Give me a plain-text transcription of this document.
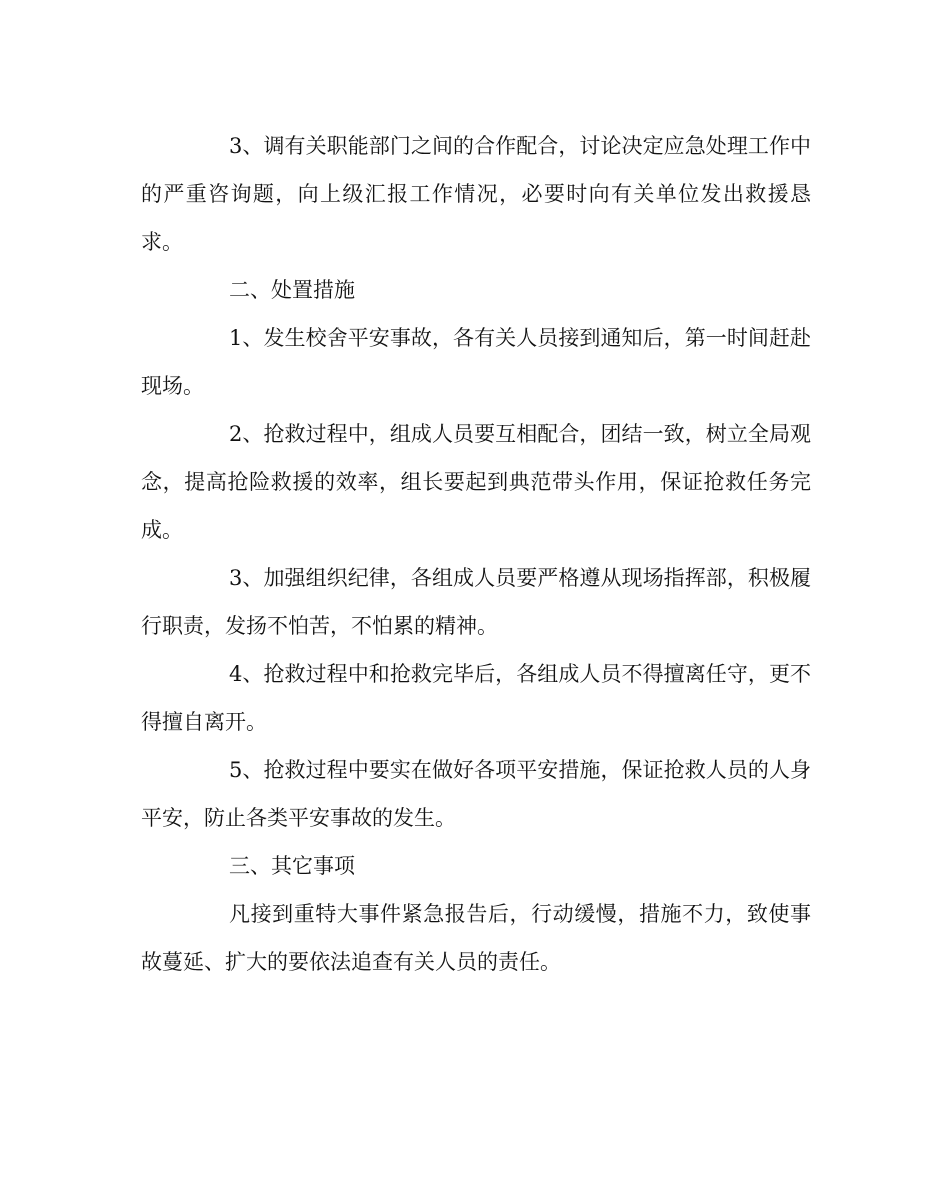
3、调有关职能部门之间的合作配合，讨论决定应急处理工作中的严重咨询题，向上级汇报工作情况，必要时向有关单位发出救援恳求。

二、处置措施

1、发生校舍平安事故，各有关人员接到通知后，第一时间赶赴现场。

2、抢救过程中，组成人员要互相配合，团结一致，树立全局观念，提高抢险救援的效率，组长要起到典范带头作用，保证抢救任务完成。

3、加强组织纪律，各组成人员要严格遵从现场指挥部，积极履行职责，发扬不怕苦，不怕累的精神。

4、抢救过程中和抢救完毕后，各组成人员不得擅离任守，更不得擅自离开。

5、抢救过程中要实在做好各项平安措施，保证抢救人员的人身平安，防止各类平安事故的发生。

三、其它事项

凡接到重特大事件紧急报告后，行动缓慢，措施不力，致使事故蔓延、扩大的要依法追查有关人员的责任。
